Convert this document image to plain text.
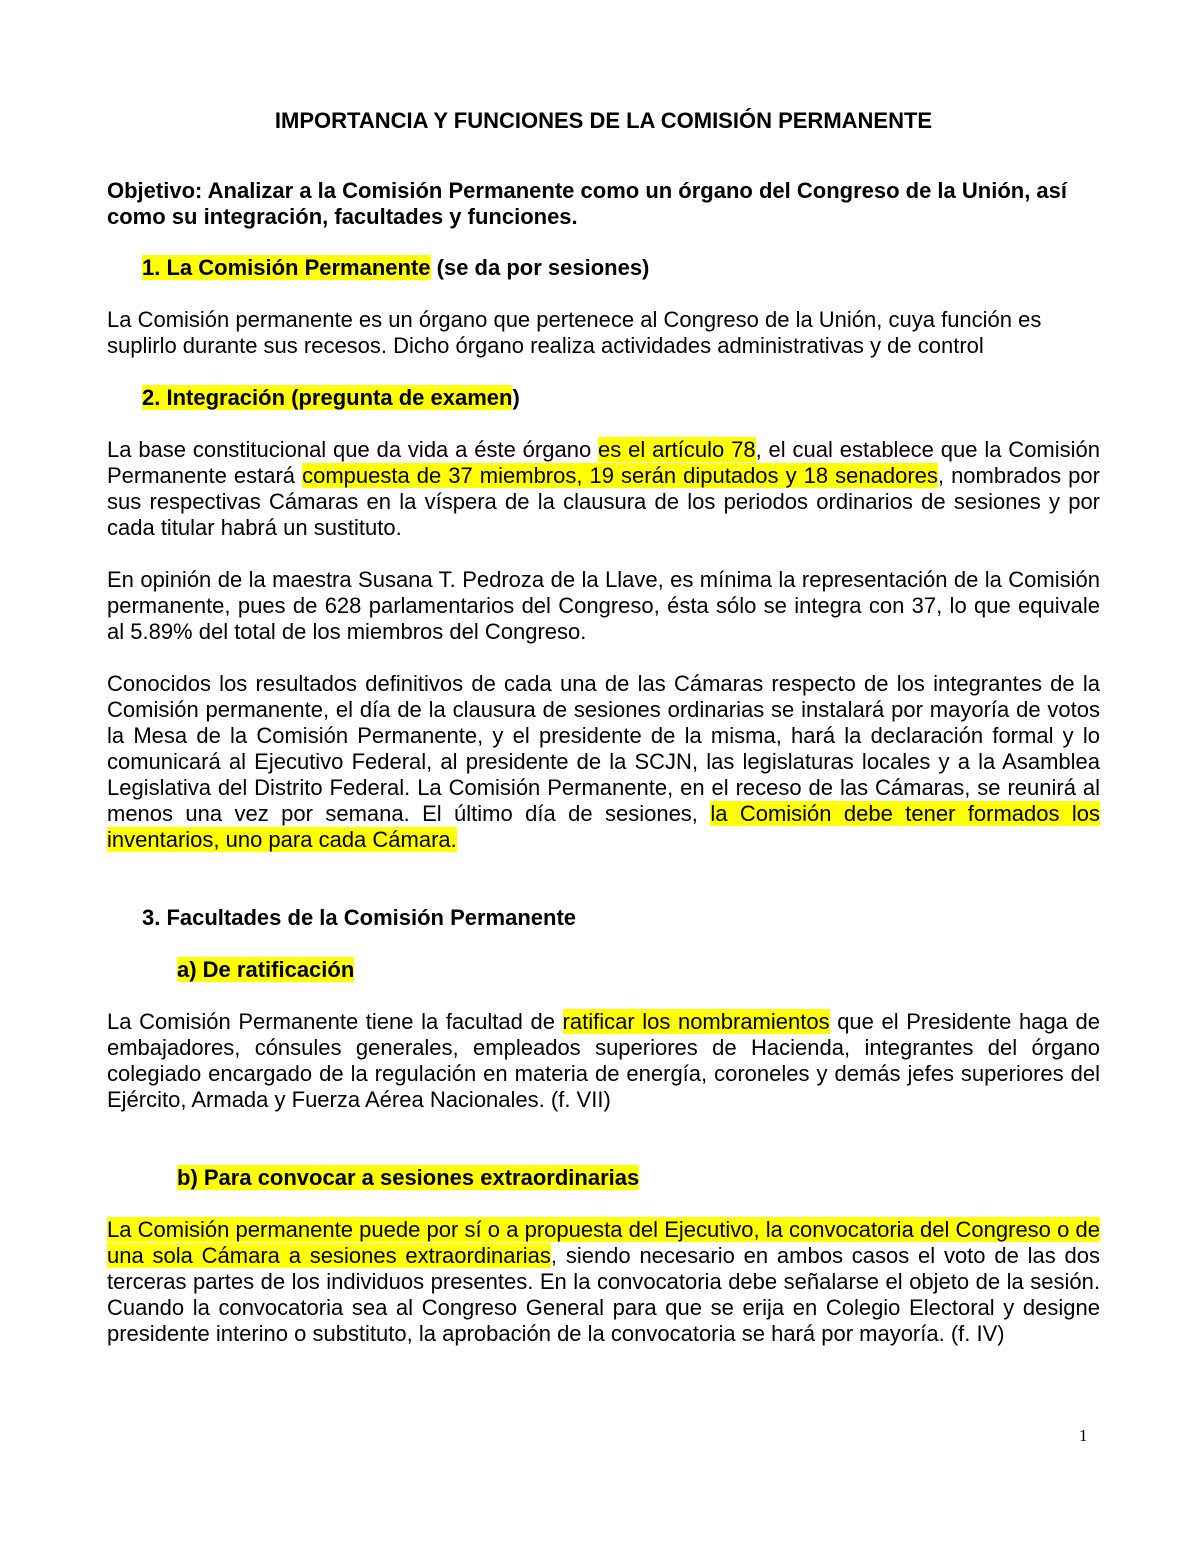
IMPORTANCIA Y FUNCIONES DE LA COMISIÓN PERMANENTE
Objetivo: Analizar a la Comisión Permanente como un órgano del Congreso de la Unión, así como su integración, facultades y funciones.
1. La Comisión Permanente (se da por sesiones)
La Comisión permanente es un órgano que pertenece al Congreso de la Unión, cuya función es suplirlo durante sus recesos. Dicho órgano realiza actividades administrativas y de control
2. Integración (pregunta de examen)
La base constitucional que da vida a éste órgano es el artículo 78, el cual establece que la Comisión Permanente estará compuesta de 37 miembros, 19 serán diputados y 18 senadores, nombrados por sus respectivas Cámaras en la víspera de la clausura de los periodos ordinarios de sesiones y por cada titular habrá un sustituto.
En opinión de la maestra Susana T. Pedroza de la Llave, es mínima la representación de la Comisión permanente, pues de 628 parlamentarios del Congreso, ésta sólo se integra con 37, lo que equivale al 5.89% del total de los miembros del Congreso.
Conocidos los resultados definitivos de cada una de las Cámaras respecto de los integrantes de la Comisión permanente, el día de la clausura de sesiones ordinarias se instalará por mayoría de votos la Mesa de la Comisión Permanente, y el presidente de la misma, hará la declaración formal y lo comunicará al Ejecutivo Federal, al presidente de la SCJN, las legislaturas locales y a la Asamblea Legislativa del Distrito Federal. La Comisión Permanente, en el receso de las Cámaras, se reunirá al menos una vez por semana. El último día de sesiones, la Comisión debe tener formados los inventarios, uno para cada Cámara.
3. Facultades de la Comisión Permanente
a) De ratificación
La Comisión Permanente tiene la facultad de ratificar los nombramientos que el Presidente haga de embajadores, cónsules generales, empleados superiores de Hacienda, integrantes del órgano colegiado encargado de la regulación en materia de energía, coroneles y demás jefes superiores del Ejército, Armada y Fuerza Aérea Nacionales. (f. VII)
b) Para convocar a sesiones extraordinarias
La Comisión permanente puede por sí o a propuesta del Ejecutivo, la convocatoria del Congreso o de una sola Cámara a sesiones extraordinarias, siendo necesario en ambos casos el voto de las dos terceras partes de los individuos presentes. En la convocatoria debe señalarse el objeto de la sesión. Cuando la convocatoria sea al Congreso General para que se erija en Colegio Electoral y designe presidente interino o substituto, la aprobación de la convocatoria se hará por mayoría. (f. IV)
1
